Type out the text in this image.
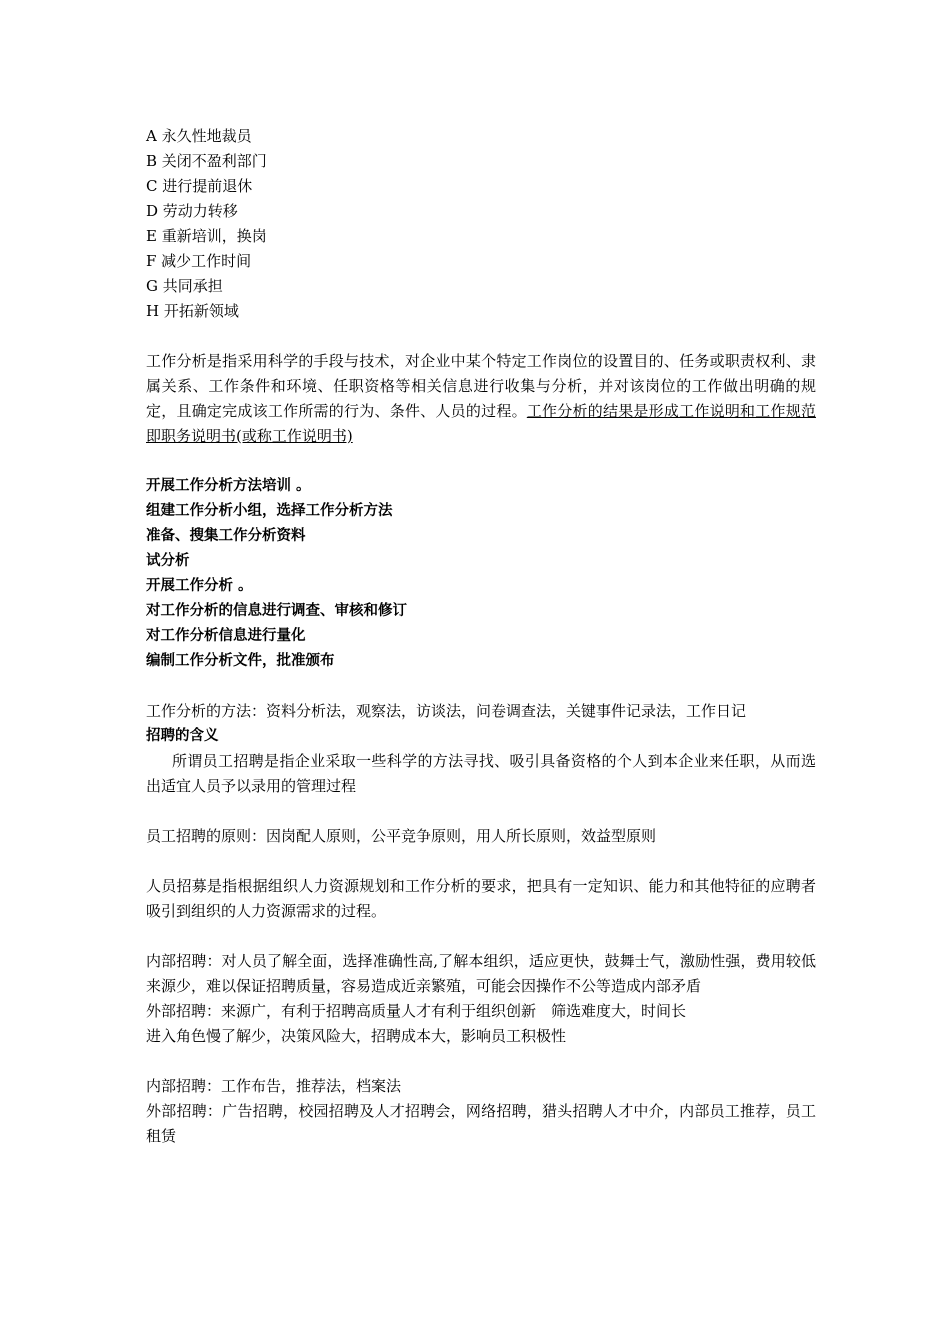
A 永久性地裁员
B 关闭不盈利部门
C 进行提前退休
D 劳动力转移
E 重新培训，换岗
F 减少工作时间
G 共同承担
H 开拓新领域
工作分析是指采用科学的手段与技术，对企业中某个特定工作岗位的设置目的、任务或职责权利、隶属关系、工作条件和环境、任职资格等相关信息进行收集与分析，并对该岗位的工作做出明确的规定，且确定完成该工作所需的行为、条件、人员的过程。工作分析的结果是形成工作说明和工作规范即职务说明书(或称工作说明书)
开展工作分析方法培训 。
组建工作分析小组，选择工作分析方法
准备、搜集工作分析资料
试分析
开展工作分析 。
对工作分析的信息进行调查、审核和修订
对工作分析信息进行量化
编制工作分析文件，批准颁布
工作分析的方法：资料分析法，观察法，访谈法，问卷调查法，关键事件记录法，工作日记
招聘的含义
所谓员工招聘是指企业采取一些科学的方法寻找、吸引具备资格的个人到本企业来任职，从而选出适宜人员予以录用的管理过程
员工招聘的原则：因岗配人原则，公平竞争原则，用人所长原则，效益型原则
人员招募是指根据组织人力资源规划和工作分析的要求，把具有一定知识、能力和其他特征的应聘者吸引到组织的人力资源需求的过程。
内部招聘：对人员了解全面，选择准确性高,了解本组织，适应更快，鼓舞士气，激励性强，费用较低　来源少，难以保证招聘质量，容易造成近亲繁殖，可能会因操作不公等造成内部矛盾
外部招聘：来源广，有利于招聘高质量人才有利于组织创新　筛选难度大，时间长
进入角色慢了解少，决策风险大，招聘成本大，影响员工积极性
内部招聘：工作布告，推荐法，档案法
外部招聘：广告招聘，校园招聘及人才招聘会，网络招聘，猎头招聘人才中介，内部员工推荐，员工租赁
